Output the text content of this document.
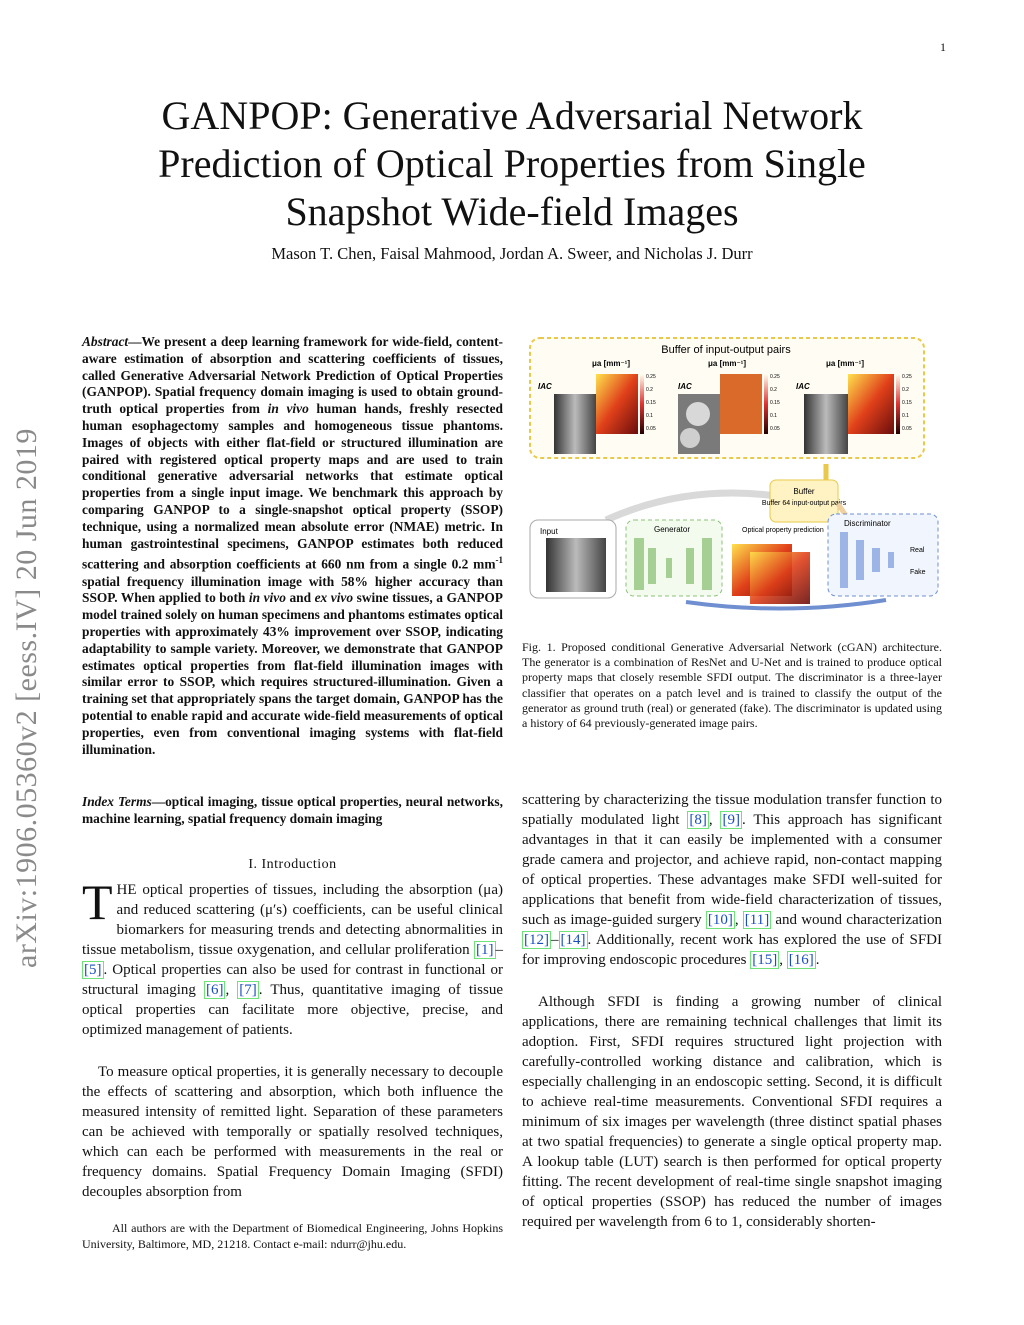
1
arXiv:1906.05360v2 [eess.IV] 20 Jun 2019
GANPOP: Generative Adversarial Network Prediction of Optical Properties from Single Snapshot Wide-field Images
Mason T. Chen, Faisal Mahmood, Jordan A. Sweer, and Nicholas J. Durr
Abstract—We present a deep learning framework for wide-field, content-aware estimation of absorption and scattering coefficients of tissues, called Generative Adversarial Network Prediction of Optical Properties (GANPOP). Spatial frequency domain imaging is used to obtain ground-truth optical properties from in vivo human hands, freshly resected human esophagectomy samples and homogeneous tissue phantoms. Images of objects with either flat-field or structured illumination are paired with registered optical property maps and are used to train conditional generative adversarial networks that estimate optical properties from a single input image. We benchmark this approach by comparing GANPOP to a single-snapshot optical property (SSOP) technique, using a normalized mean absolute error (NMAE) metric. In human gastrointestinal specimens, GANPOP estimates both reduced scattering and absorption coefficients at 660 nm from a single 0.2 $mm^{-1}$ spatial frequency illumination image with 58% higher accuracy than SSOP. When applied to both in vivo and ex vivo swine tissues, a GANPOP model trained solely on human specimens and phantoms estimates optical properties with approximately 43% improvement over SSOP, indicating adaptability to sample variety. Moreover, we demonstrate that GANPOP estimates optical properties from flat-field illumination images with similar error to SSOP, which requires structured-illumination. Given a training set that appropriately spans the target domain, GANPOP has the potential to enable rapid and accurate wide-field measurements of optical properties, even from conventional imaging systems with flat-field illumination.
Index Terms—optical imaging, tissue optical properties, neural networks, machine learning, spatial frequency domain imaging
I. Introduction
THE optical properties of tissues, including the absorption (μa) and reduced scattering (μ′s) coefficients, can be useful clinical biomarkers for measuring trends and detecting abnormalities in tissue metabolism, tissue oxygenation, and cellular proliferation [1] –[5] . Optical properties can also be used for contrast in functional or structural imaging [6] , [7] . Thus, quantitative imaging of tissue optical properties can facilitate more objective, precise, and optimized management of patients.
To measure optical properties, it is generally necessary to decouple the effects of scattering and absorption, which both influence the measured intensity of remitted light. Separation of these parameters can be achieved with temporally or spatially resolved techniques, which can each be performed with measurements in the real or frequency domains. Spatial Frequency Domain Imaging (SFDI) decouples absorption from
All authors are with the Department of Biomedical Engineering, Johns Hopkins University, Baltimore, MD, 21218. Contact e-mail: ndurr@jhu.edu.
Buffer of input-output pairs
μa [mm⁻¹]
IAC
0.25
0.2
0.15
0.1
0.05
μa [mm⁻¹]
IAC
0.25
0.2
0.15
0.1
0.05
μa [mm⁻¹]
IAC
0.25
0.2
0.15
0.1
0.05
Buffer
Buffer 64 input-output pairs
Input	Generator	Optical property prediction
Discriminator
Real
Fake
Fig. 1. Proposed conditional Generative Adversarial Network (cGAN) architecture. The generator is a combination of ResNet and U-Net and is trained to produce optical property maps that closely resemble SFDI output. The discriminator is a three-layer classifier that operates on a patch level and is trained to classify the output of the generator as ground truth (real) or generated (fake). The discriminator is updated using a history of 64 previously-generated image pairs.
scattering by characterizing the tissue modulation transfer function to spatially modulated light [8] , [9] . This approach has significant advantages in that it can easily be implemented with a consumer grade camera and projector, and achieve rapid, non-contact mapping of optical properties. These advantages make SFDI well-suited for applications that benefit from wide-field characterization of tissues, such as image-guided surgery [10] , [11] and wound characterization [12] – [14] . Additionally, recent work has explored the use of SFDI for improving endoscopic procedures [15] , [16] .
Although SFDI is finding a growing number of clinical applications, there are remaining technical challenges that limit its adoption. First, SFDI requires structured light projection with carefully-controlled working distance and calibration, which is especially challenging in an endoscopic setting. Second, it is difficult to achieve real-time measurements. Conventional SFDI requires a minimum of six images per wavelength (three distinct spatial phases at two spatial frequencies) to generate a single optical property map. A lookup table (LUT) search is then performed for optical property fitting. The recent development of real-time single snapshot imaging of optical properties (SSOP) has reduced the number of images required per wavelength from 6 to 1, considerably shorten-
